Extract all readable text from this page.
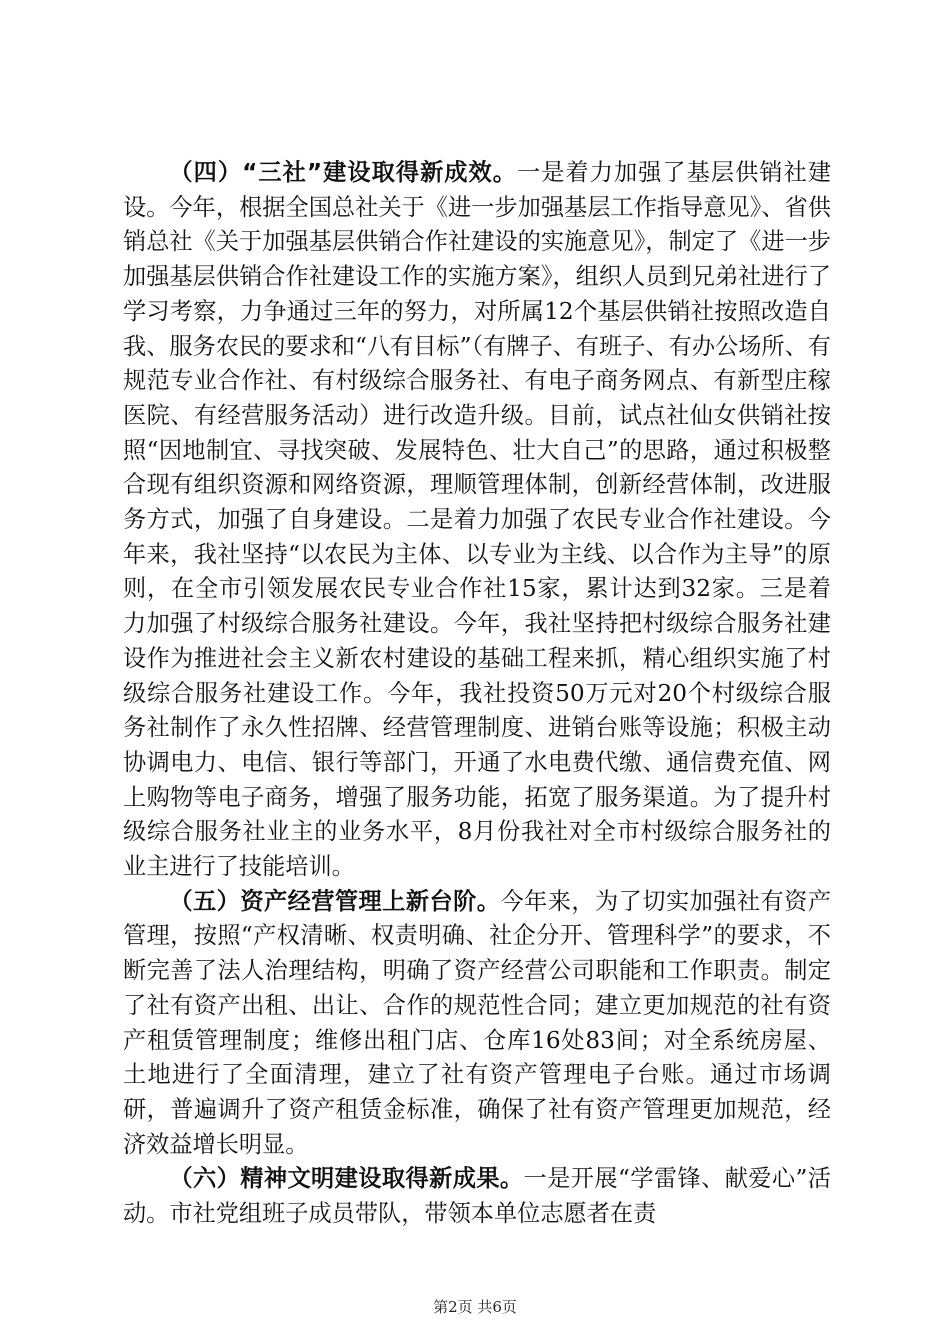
（四）“三社”建设取得新成效。一是着力加强了基层供销社建设。今年，根据全国总社关于《进一步加强基层工作指导意见》、省供销总社《关于加强基层供销合作社建设的实施意见》，制定了《进一步加强基层供销合作社建设工作的实施方案》，组织人员到兄弟社进行了学习考察，力争通过三年的努力，对所属12个基层供销社按照改造自我、服务农民的要求和“八有目标”（有牌子、有班子、有办公场所、有规范专业合作社、有村级综合服务社、有电子商务网点、有新型庄稼医院、有经营服务活动）进行改造升级。目前，试点社仙女供销社按照“因地制宜、寻找突破、发展特色、壮大自己”的思路，通过积极整合现有组织资源和网络资源，理顺管理体制，创新经营体制，改进服务方式，加强了自身建设。二是着力加强了农民专业合作社建设。今年来，我社坚持“以农民为主体、以专业为主线、以合作为主导”的原则，在全市引领发展农民专业合作社15家，累计达到32家。三是着力加强了村级综合服务社建设。今年，我社坚持把村级综合服务社建设作为推进社会主义新农村建设的基础工程来抓，精心组织实施了村级综合服务社建设工作。今年，我社投资50万元对20个村级综合服务社制作了永久性招牌、经营管理制度、进销台账等设施；积极主动协调电力、电信、银行等部门，开通了水电费代缴、通信费充值、网上购物等电子商务，增强了服务功能，拓宽了服务渠道。为了提升村级综合服务社业主的业务水平，8月份我社对全市村级综合服务社的业主进行了技能培训。

（五）资产经营管理上新台阶。今年来，为了切实加强社有资产管理，按照“产权清晰、权责明确、社企分开、管理科学”的要求，不断完善了法人治理结构，明确了资产经营公司职能和工作职责。制定了社有资产出租、出让、合作的规范性合同；建立更加规范的社有资产租赁管理制度；维修出租门店、仓库16处83间；对全系统房屋、土地进行了全面清理，建立了社有资产管理电子台账。通过市场调研，普遍调升了资产租赁金标准，确保了社有资产管理更加规范，经济效益增长明显。

（六）精神文明建设取得新成果。一是开展“学雷锋、献爱心”活动。市社党组班子成员带队，带领本单位志愿者在责

第2页 共6页
